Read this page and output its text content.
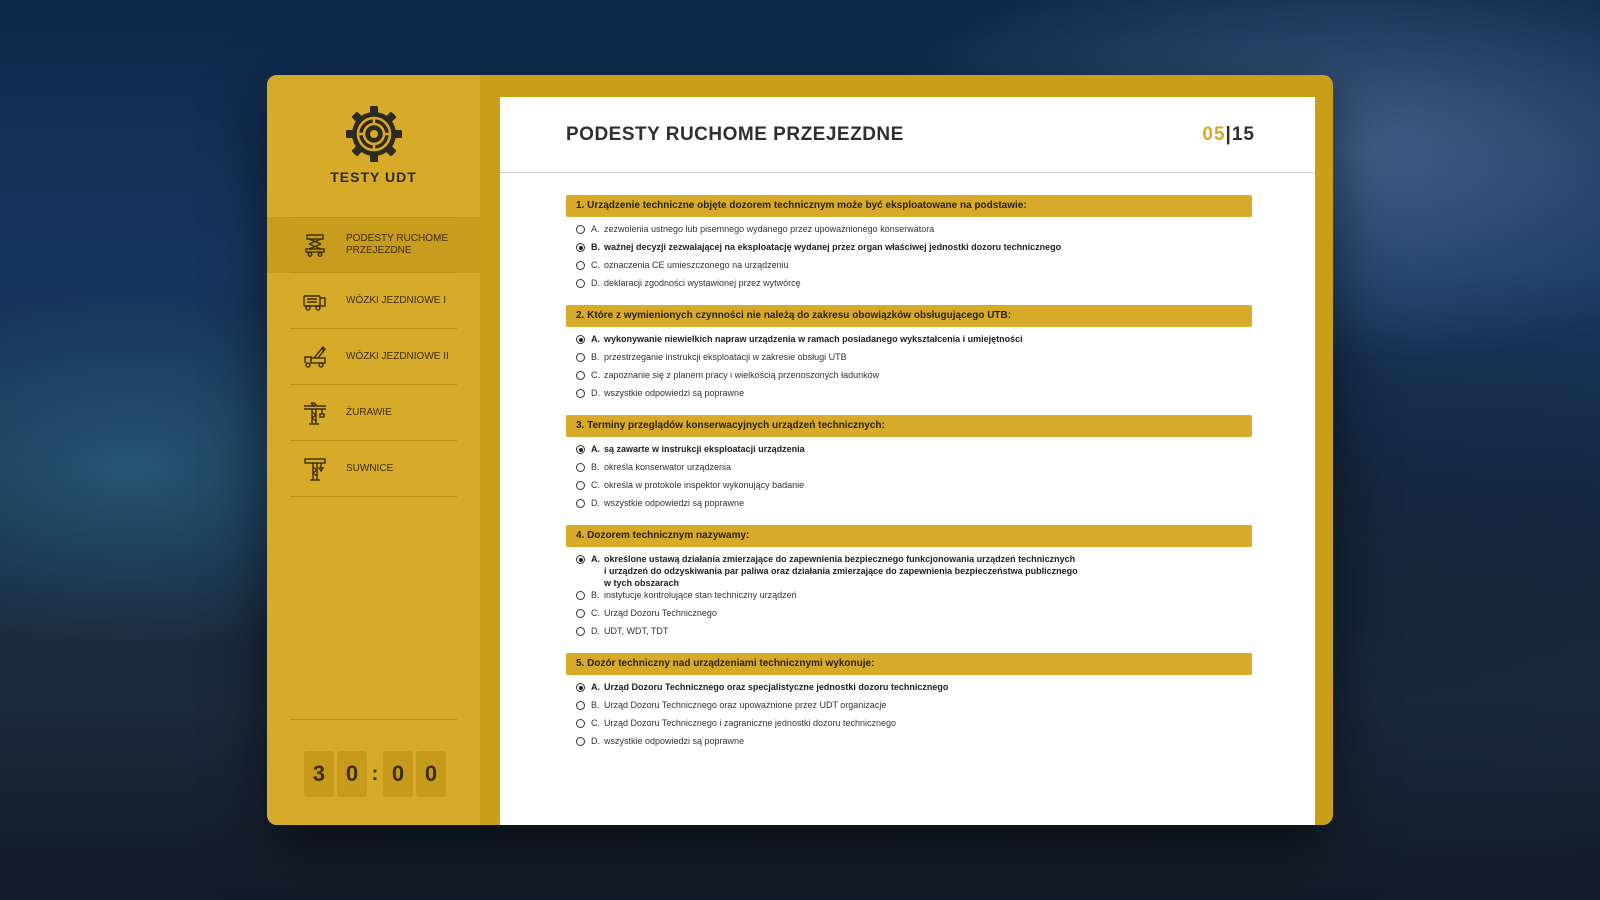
TESTY UDT
PODESTY RUCHOME PRZEJEZDNE
WÓZKI JEZDNIOWE I
WÓZKI JEZDNIOWE II
ŻURAWIE
SUWNICE
3 0 : 0 0
PODESTY RUCHOME PRZEJEZDNE	05|15
1. Urządzenie techniczne objęte dozorem technicznym może być eksploatowane na podstawie:
A. zezwolenia ustnego lub pisemnego wydanego przez upoważnionego konserwatora
B. ważnej decyzji zezwalającej na eksploatację wydanej przez organ właściwej jednostki dozoru technicznego
C. oznaczenia CE umieszczonego na urządzeniu
D. deklaracji zgodności wystawionej przez wytwórcę
2. Które z wymienionych czynności nie należą do zakresu obowiązków obsługującego UTB:
A. wykonywanie niewielkich napraw urządzenia w ramach posiadanego wykształcenia i umiejętności
B. przestrzeganie instrukcji eksploatacji w zakresie obsługi UTB
C. zapoznanie się z planem pracy i wielkością przenoszonych ładunków
D. wszystkie odpowiedzi są poprawne
3. Terminy przeglądów konserwacyjnych urządzeń technicznych:
A. są zawarte w instrukcji eksploatacji urządzenia
B. określa konserwator urządzenia
C. określa w protokole inspektor wykonujący badanie
D. wszystkie odpowiedzi są poprawne
4. Dozorem technicznym nazywamy:
A. określone ustawą działania zmierzające do zapewnienia bezpiecznego funkcjonowania urządzeń technicznych
i urządzeń do odzyskiwania par paliwa oraz działania zmierzające do zapewnienia bezpieczeństwa publicznego
w tych obszarach
B. instytucje kontrolujące stan techniczny urządzeń
C. Urząd Dozoru Technicznego
D. UDT, WDT, TDT
5. Dozór techniczny nad urządzeniami technicznymi wykonuje:
A. Urząd Dozoru Technicznego oraz specjalistyczne jednostki dozoru technicznego
B. Urząd Dozoru Technicznego oraz upoważnione przez UDT organizacje
C. Urząd Dozoru Technicznego i zagraniczne jednostki dozoru technicznego
D. wszystkie odpowiedzi są poprawne
